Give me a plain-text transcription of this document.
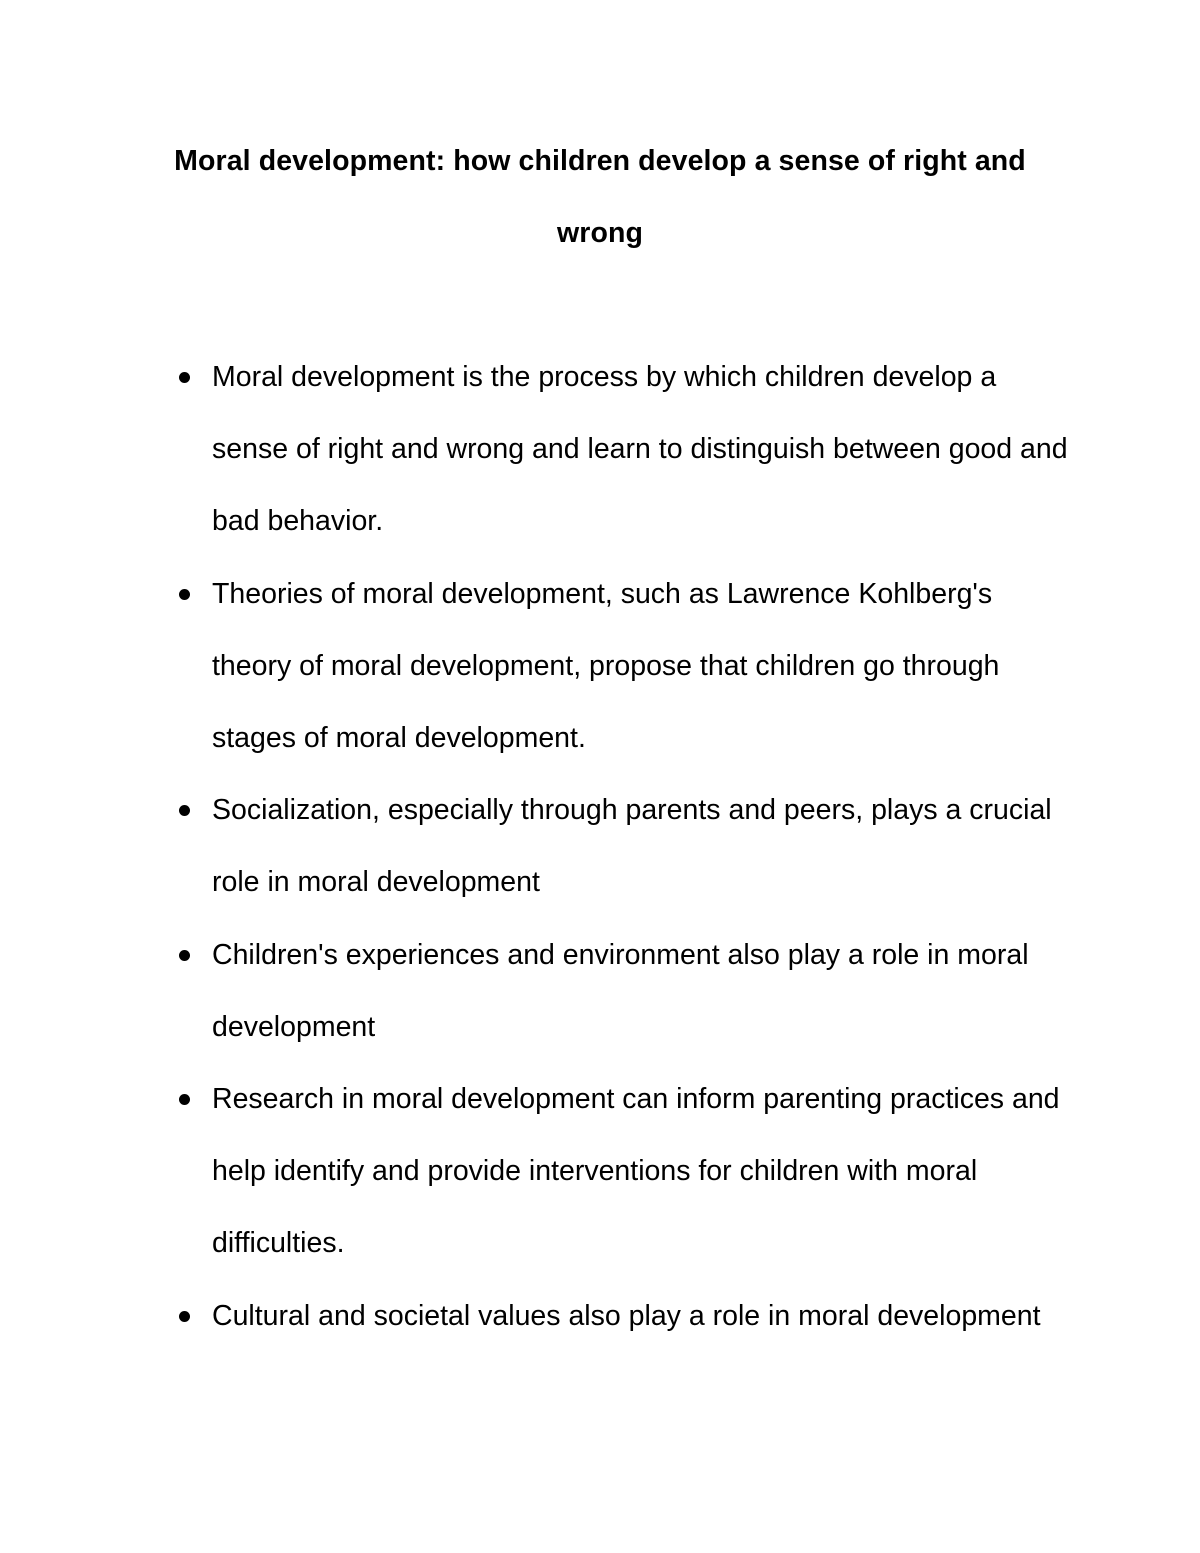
Moral development: how children develop a sense of right and wrong
Moral development is the process by which children develop a sense of right and wrong and learn to distinguish between good and bad behavior.
Theories of moral development, such as Lawrence Kohlberg's theory of moral development, propose that children go through stages of moral development.
Socialization, especially through parents and peers, plays a crucial role in moral development
Children's experiences and environment also play a role in moral development
Research in moral development can inform parenting practices and help identify and provide interventions for children with moral difficulties.
Cultural and societal values also play a role in moral development
